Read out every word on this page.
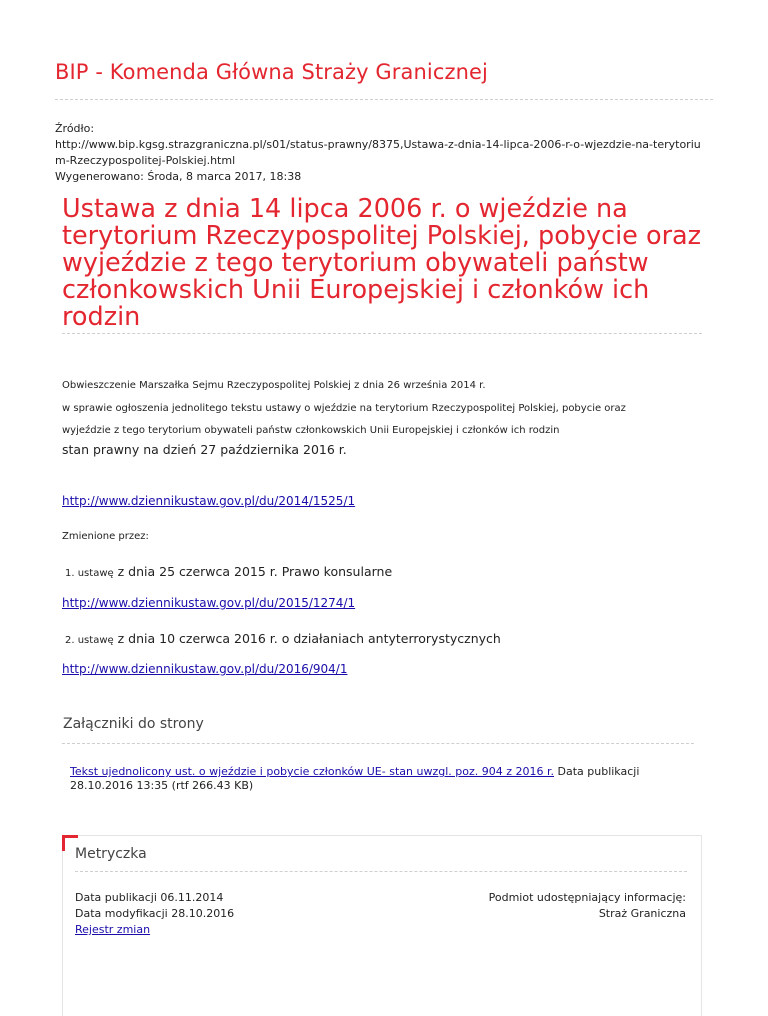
BIP - Komenda Główna Straży Granicznej
Źródło:
http://www.bip.kgsg.strazgraniczna.pl/s01/status-prawny/8375,Ustawa-z-dnia-14-lipca-2006-r-o-wjezdzie-na-terytoriu
m-Rzeczypospolitej-Polskiej.html
Wygenerowano: Środa, 8 marca 2017, 18:38
Ustawa z dnia 14 lipca 2006 r. o wjeździe na
terytorium Rzeczypospolitej Polskiej, pobycie oraz
wyjeździe z tego terytorium obywateli państw
członkowskich Unii Europejskiej i członków ich
rodzin
Obwieszczenie Marszałka Sejmu Rzeczypospolitej Polskiej z dnia 26 września 2014 r.
w sprawie ogłoszenia jednolitego tekstu ustawy o wjeździe na terytorium Rzeczypospolitej Polskiej, pobycie oraz
wyjeździe z tego terytorium obywateli państw członkowskich Unii Europejskiej i członków ich rodzin
stan prawny na dzień 27 października 2016 r.
http://www.dziennikustaw.gov.pl/du/2014/1525/1
Zmienione przez:
1. ustawę z dnia 25 czerwca 2015 r. Prawo konsularne
http://www.dziennikustaw.gov.pl/du/2015/1274/1
2. ustawę z dnia 10 czerwca 2016 r. o działaniach antyterrorystycznych
http://www.dziennikustaw.gov.pl/du/2016/904/1
Załączniki do strony
Tekst ujednolicony ust. o wjeździe i pobycie członków UE- stan uwzgl. poz. 904 z 2016 r. Data publikacji
28.10.2016 13:35 (rtf 266.43 KB)
Metryczka
Data publikacji 06.11.2014
Data modyfikacji 28.10.2016
Rejestr zmian
Podmiot udostępniający informację:
Straż Graniczna
